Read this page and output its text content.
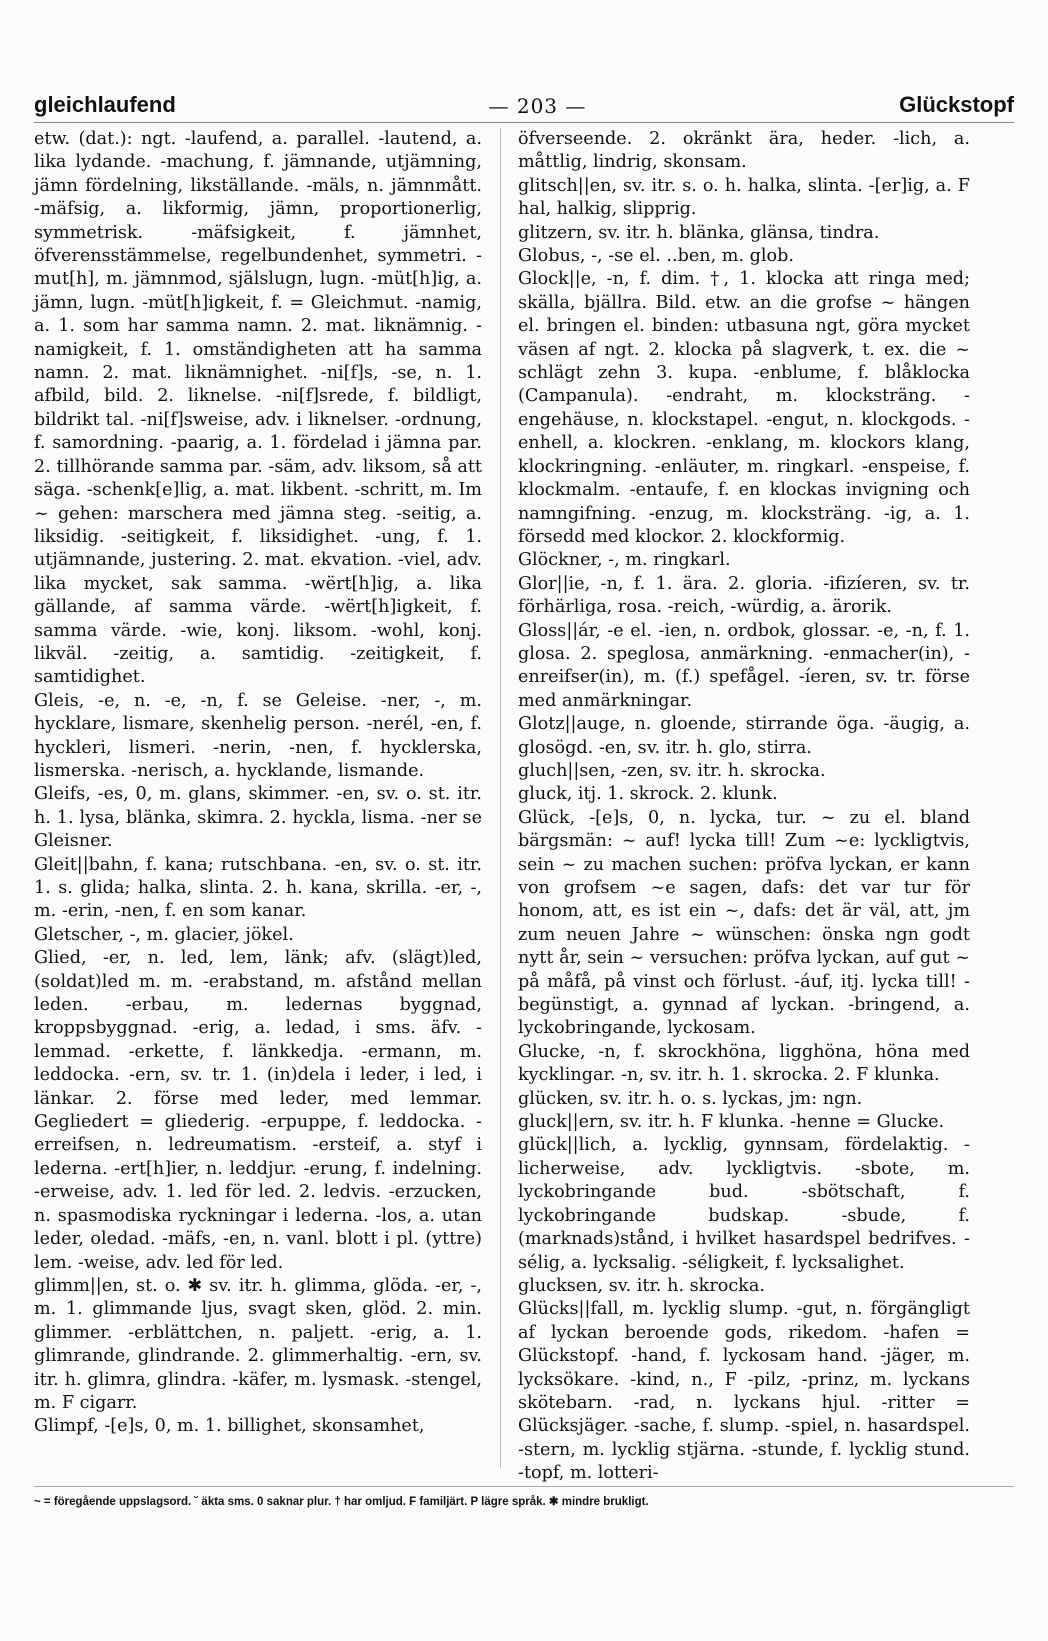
gleichlaufend	— 203 —	Glückstopf

etw. (dat.): ngt. -laufend, a. parallel. -lautend, a. lika lydande. -machung, f. jämnande, utjämning, jämn fördelning, likställande. -mäls, n. jämnmått. -mäfsig, a. likformig, jämn, proportionerlig, symmetrisk. -mäfsigkeit, f. jämnhet, öfverensstämmelse, regelbundenhet, symmetri. -mut[h], m. jämnmod, själslugn, lugn. -müt[h]ig, a. jämn, lugn. -müt[h]igkeit, f. = Gleichmut. -namig, a. 1. som har samma namn. 2. mat. liknämnig. -namigkeit, f. 1. omständigheten att ha samma namn. 2. mat. liknämnighet. -ni[f]s, -se, n. 1. afbild, bild. 2. liknelse. -ni[f]srede, f. bildligt, bildrikt tal. -ni[f]sweise, adv. i liknelser. -ordnung, f. samordning. -paarig, a. 1. fördelad i jämna par. 2. tillhörande samma par. -säm, adv. liksom, så att säga. -schenk[e]lig, a. mat. likbent. -schritt, m. Im ~ gehen: marschera med jämna steg. -seitig, a. liksidig. -seitigkeit, f. liksidighet. -ung, f. 1. utjämnande, justering. 2. mat. ekvation. -viel, adv. lika mycket, sak samma. -wërt[h]ig, a. lika gällande, af samma värde. -wërt[h]igkeit, f. samma värde. -wie, konj. liksom. -wohl, konj. likväl. -zeitig, a. samtidig. -zeitigkeit, f. samtidighet.

Gleis, -e, n. -e, -n, f. se Geleise. -ner, -, m. hycklare, lismare, skenhelig person. -nerél, -en, f. hyckleri, lismeri. -nerin, -nen, f. hycklerska, lismerska. -nerisch, a. hycklande, lismande.

Gleifs, -es, 0, m. glans, skimmer. -en, sv. o. st. itr. h. 1. lysa, blänka, skimra. 2. hyckla, lisma. -ner se Gleisner.

Gleit||bahn, f. kana; rutschbana. -en, sv. o. st. itr. 1. s. glida; halka, slinta. 2. h. kana, skrilla. -er, -, m. -erin, -nen, f. en som kanar.

Gletscher, -, m. glacier, jökel.

Glied, -er, n. led, lem, länk; afv. (slägt)led, (soldat)led m. m. -erabstand, m. afstånd mellan leden. -erbau, m. ledernas byggnad, kroppsbyggnad. -erig, a. ledad, i sms. äfv. -lemmad. -erkette, f. länkkedja. -ermann, m. leddocka. -ern, sv. tr. 1. (in)dela i leder, i led, i länkar. 2. förse med leder, med lemmar. Gegliedert = gliederig. -erpuppe, f. leddocka. -erreifsen, n. ledreumatism. -ersteif, a. styf i lederna. -ert[h]ier, n. leddjur. -erung, f. indelning. -erweise, adv. 1. led för led. 2. ledvis. -erzucken, n. spasmodiska ryckningar i lederna. -los, a. utan leder, oledad. -mäfs, -en, n. vanl. blott i pl. (yttre) lem. -weise, adv. led för led.

glimm||en, st. o. ✱ sv. itr. h. glimma, glöda. -er, -, m. 1. glimmande ljus, svagt sken, glöd. 2. min. glimmer. -erblättchen, n. paljett. -erig, a. 1. glimrande, glindrande. 2. glimmerhaltig. -ern, sv. itr. h. glimra, glindra. -käfer, m. lysmask. -stengel, m. F cigarr.

Glimpf, -[e]s, 0, m. 1. billighet, skonsamhet,

öfverseende. 2. okränkt ära, heder. -lich, a. måttlig, lindrig, skonsam.

glitsch||en, sv. itr. s. o. h. halka, slinta. -[er]ig, a. F hal, halkig, slipprig.

glitzern, sv. itr. h. blänka, glänsa, tindra.

Globus, -, -se el. ..ben, m. glob.

Glock||e, -n, f. dim. †, 1. klocka att ringa med; skälla, bjällra. Bild. etw. an die grofse ~ hängen el. bringen el. binden: utbasuna ngt, göra mycket väsen af ngt. 2. klocka på slagverk, t. ex. die ~ schlägt zehn 3. kupa. -enblume, f. blåklocka (Campanula). -endraht, m. klocksträng. -engehäuse, n. klockstapel. -engut, n. klockgods. -enhell, a. klockren. -enklang, m. klockors klang, klockringning. -enläuter, m. ringkarl. -enspeise, f. klockmalm. -entaufe, f. en klockas invigning och namngifning. -enzug, m. klocksträng. -ig, a. 1. försedd med klockor. 2. klockformig.

Glöckner, -, m. ringkarl.

Glor||ie, -n, f. 1. ära. 2. gloria. -ifizíeren, sv. tr. förhärliga, rosa. -reich, -würdig, a. ärorik.

Gloss||ár, -e el. -ien, n. ordbok, glossar. -e, -n, f. 1. glosa. 2. speglosa, anmärkning. -enmacher(in), -enreifser(in), m. (f.) spefågel. -íeren, sv. tr. förse med anmärkningar.

Glotz||auge, n. gloende, stirrande öga. -äugig, a. glosögd. -en, sv. itr. h. glo, stirra.

gluch||sen, -zen, sv. itr. h. skrocka.

gluck, itj. 1. skrock. 2. klunk.

Glück, -[e]s, 0, n. lycka, tur. ~ zu el. bland bärgsmän: ~ auf! lycka till! Zum ~e: lyckligtvis, sein ~ zu machen suchen: pröfva lyckan, er kann von grofsem ~e sagen, dafs: det var tur för honom, att, es ist ein ~, dafs: det är väl, att, jm zum neuen Jahre ~ wünschen: önska ngn godt nytt år, sein ~ versuchen: pröfva lyckan, auf gut ~ på måfå, på vinst och förlust. -áuf, itj. lycka till! -begünstigt, a. gynnad af lyckan. -bringend, a. lyckobringande, lyckosam.

Glucke, -n, f. skrockhöna, ligghöna, höna med kycklingar. -n, sv. itr. h. 1. skrocka. 2. F klunka.

glücken, sv. itr. h. o. s. lyckas, jm: ngn.

gluck||ern, sv. itr. h. F klunka. -henne = Glucke.

glück||lich, a. lycklig, gynnsam, fördelaktig. -licherweise, adv. lyckligtvis. -sbote, m. lyckobringande bud. -sbötschaft, f. lyckobringande budskap. -sbude, f. (marknads)stånd, i hvilket hasardspel bedrifves. -sélig, a. lycksalig. -séligkeit, f. lycksalighet.

glucksen, sv. itr. h. skrocka.

Glücks||fall, m. lycklig slump. -gut, n. förgängligt af lyckan beroende gods, rikedom. -hafen = Glückstopf. -hand, f. lyckosam hand. -jäger, m. lycksökare. -kind, n., F -pilz, -prinz, m. lyckans skötebarn. -rad, n. lyckans hjul. -ritter = Glücksjäger. -sache, f. slump. -spiel, n. hasardspel. -stern, m. lycklig stjärna. -stunde, f. lycklig stund. -topf, m. lotteri-

~ = föregående uppslagsord. ˘ äkta sms. 0 saknar plur. † har omljud. F familjärt. P lägre språk. ✱ mindre brukligt.
